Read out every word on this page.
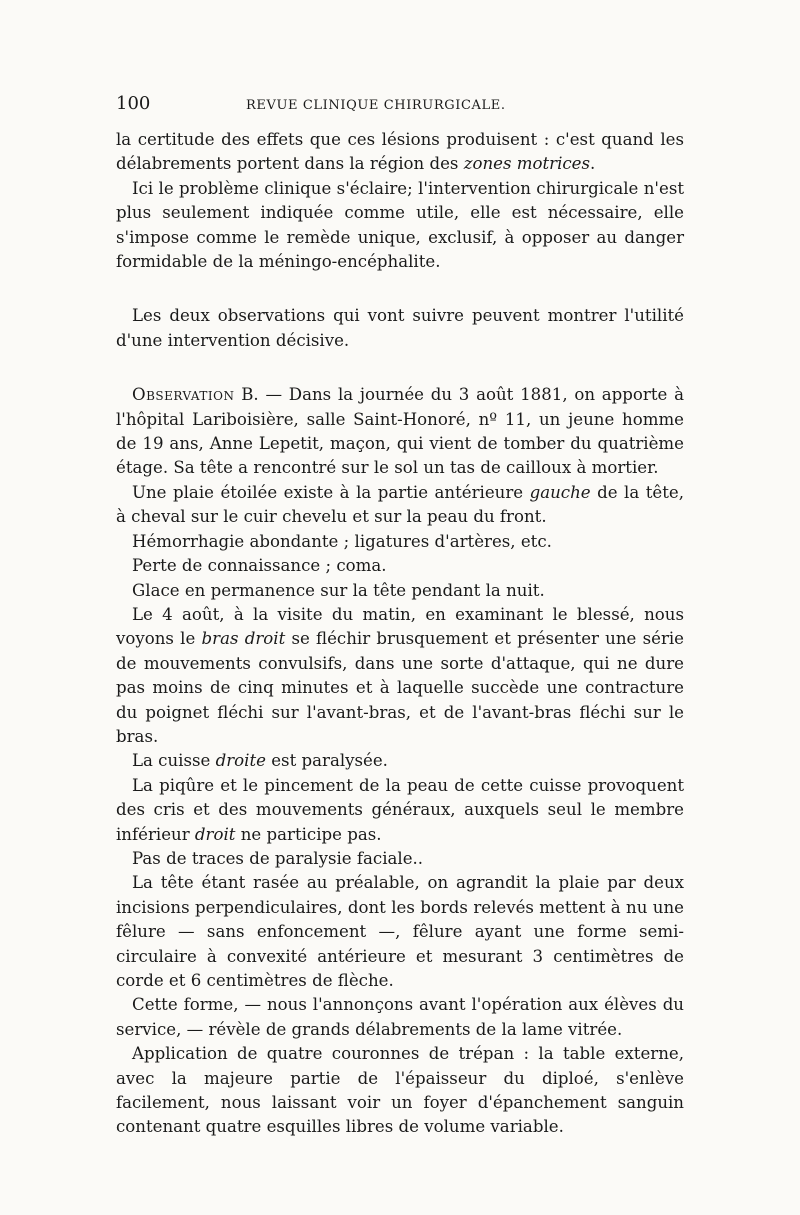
100	REVUE CLINIQUE CHIRURGICALE.

la certitude des effets que ces lésions produisent : c'est quand les délabrements portent dans la région des zones motrices.

Ici le problème clinique s'éclaire; l'intervention chirurgicale n'est plus seulement indiquée comme utile, elle est nécessaire, elle s'impose comme le remède unique, exclusif, à opposer au danger formidable de la méningo-encéphalite.

Les deux observations qui vont suivre peuvent montrer l'utilité d'une intervention décisive.

Observation B. — Dans la journée du 3 août 1881, on apporte à l'hôpital Lariboisière, salle Saint-Honoré, nº 11, un jeune homme de 19 ans, Anne Lepetit, maçon, qui vient de tomber du quatrième étage. Sa tête a rencontré sur le sol un tas de cailloux à mortier.

Une plaie étoilée existe à la partie antérieure gauche de la tête, à cheval sur le cuir chevelu et sur la peau du front.

Hémorrhagie abondante ; ligatures d'artères, etc.

Perte de connaissance ; coma.

Glace en permanence sur la tête pendant la nuit.

Le 4 août, à la visite du matin, en examinant le blessé, nous voyons le bras droit se fléchir brusquement et présenter une série de mouvements convulsifs, dans une sorte d'attaque, qui ne dure pas moins de cinq minutes et à laquelle succède une contracture du poignet fléchi sur l'avant-bras, et de l'avant-bras fléchi sur le bras.

La cuisse droite est paralysée.

La piqûre et le pincement de la peau de cette cuisse provoquent des cris et des mouvements généraux, auxquels seul le membre inférieur droit ne participe pas.

Pas de traces de paralysie faciale..

La tête étant rasée au préalable, on agrandit la plaie par deux incisions perpendiculaires, dont les bords relevés mettent à nu une fêlure — sans enfoncement —, fêlure ayant une forme semi-circulaire à convexité antérieure et mesurant 3 centimètres de corde et 6 centimètres de flèche.

Cette forme, — nous l'annonçons avant l'opération aux élèves du service, — révèle de grands délabrements de la lame vitrée.

Application de quatre couronnes de trépan : la table externe, avec la majeure partie de l'épaisseur du diploé, s'enlève facilement, nous laissant voir un foyer d'épanchement sanguin contenant quatre esquilles libres de volume variable.
